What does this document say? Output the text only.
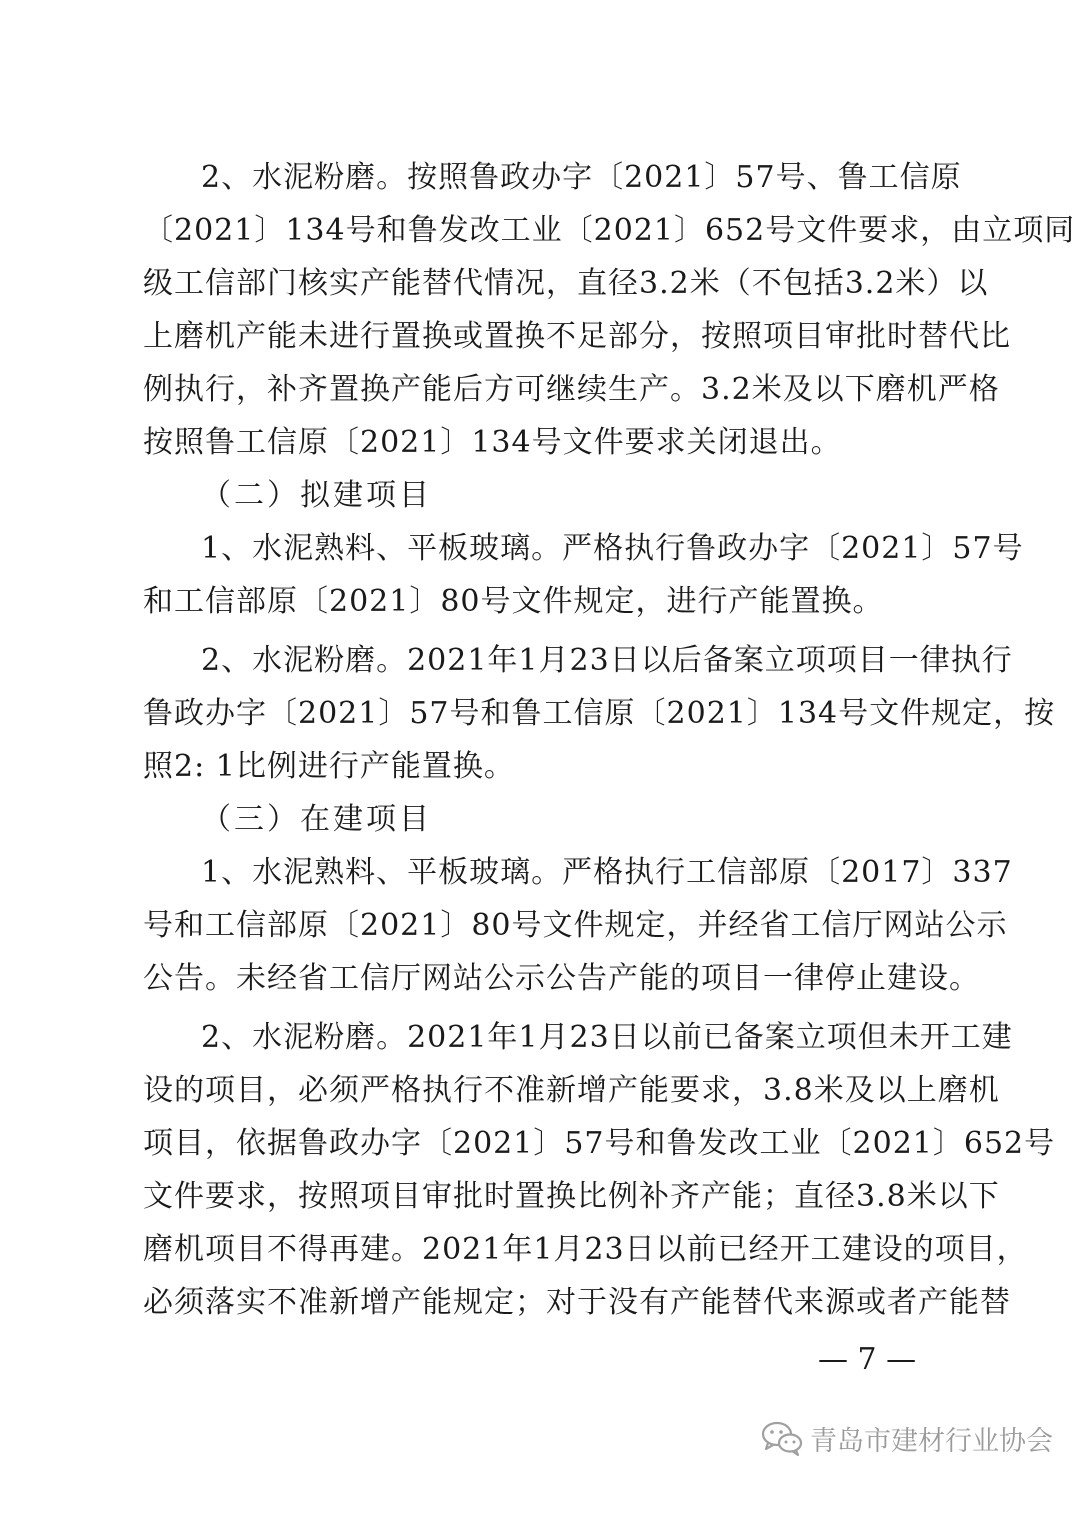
2、水泥粉磨。按照鲁政办字〔2021〕57号、鲁工信原
〔2021〕134号和鲁发改工业〔2021〕652号文件要求，由立项同
级工信部门核实产能替代情况，直径3.2米（不包括3.2米）以
上磨机产能未进行置换或置换不足部分，按照项目审批时替代比
例执行，补齐置换产能后方可继续生产。3.2米及以下磨机严格
按照鲁工信原〔2021〕134号文件要求关闭退出。
（二）拟建项目
1、水泥熟料、平板玻璃。严格执行鲁政办字〔2021〕57号
和工信部原〔2021〕80号文件规定，进行产能置换。
2、水泥粉磨。2021年1月23日以后备案立项项目一律执行
鲁政办字〔2021〕57号和鲁工信原〔2021〕134号文件规定，按
照2: 1比例进行产能置换。
（三）在建项目
1、水泥熟料、平板玻璃。严格执行工信部原〔2017〕337
号和工信部原〔2021〕80号文件规定，并经省工信厅网站公示
公告。未经省工信厅网站公示公告产能的项目一律停止建设。
2、水泥粉磨。2021年1月23日以前已备案立项但未开工建
设的项目，必须严格执行不准新增产能要求，3.8米及以上磨机
项目，依据鲁政办字〔2021〕57号和鲁发改工业〔2021〕652号
文件要求，按照项目审批时置换比例补齐产能；直径3.8米以下
磨机项目不得再建。2021年1月23日以前已经开工建设的项目，
必须落实不准新增产能规定；对于没有产能替代来源或者产能替
— 7 —
青岛市建材行业协会
